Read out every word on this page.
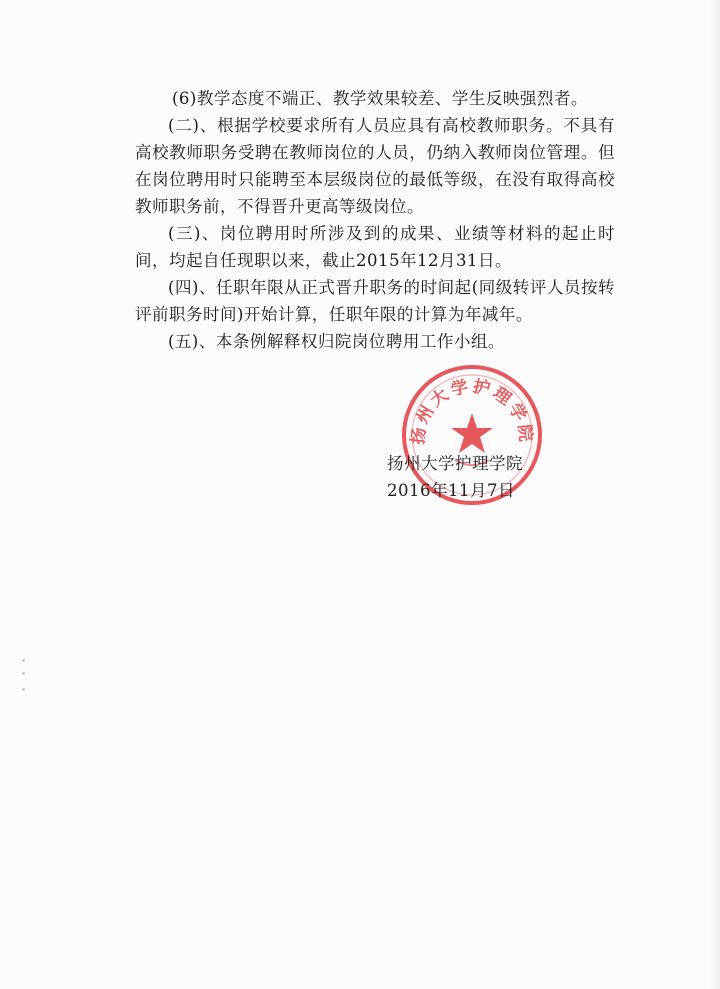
(6)教学态度不端正、教学效果较差、学生反映强烈者。

(二)、根据学校要求所有人员应具有高校教师职务。不具有高校教师职务受聘在教师岗位的人员，仍纳入教师岗位管理。但在岗位聘用时只能聘至本层级岗位的最低等级，在没有取得高校教师职务前，不得晋升更高等级岗位。

(三)、岗位聘用时所涉及到的成果、业绩等材料的起止时间，均起自任现职以来，截止2015年12月31日。

(四)、任职年限从正式晋升职务的时间起(同级转评人员按转评前职务时间)开始计算，任职年限的计算为年减年。

(五)、本条例解释权归院岗位聘用工作小组。

扬州大学护理学院
扬州大学护理学院
2016年11月7日
